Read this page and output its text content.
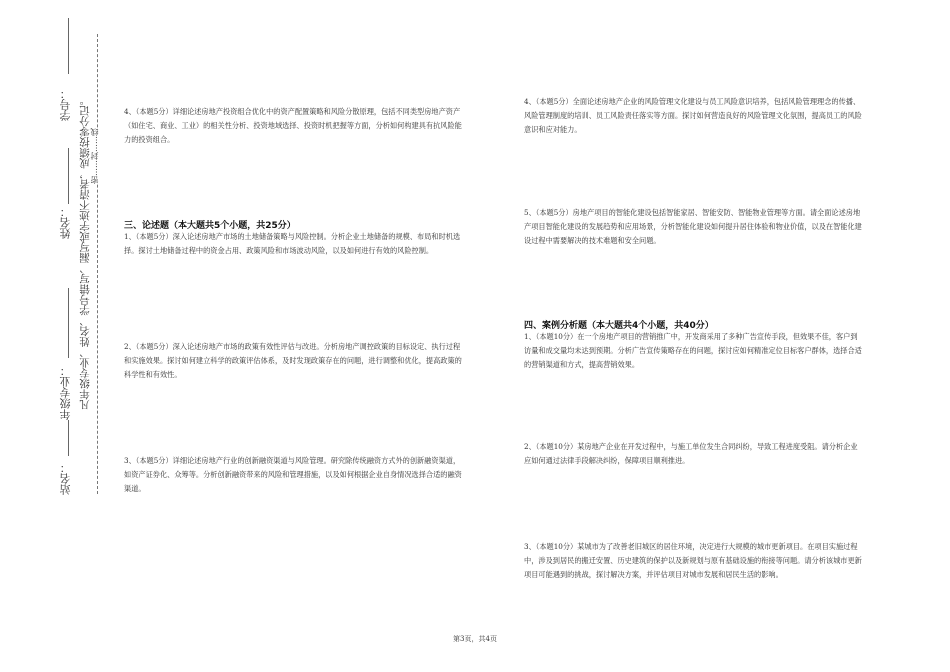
学号：
姓名：
年级专业：
站名：
凡年级专业、姓名、学号错写、漏写或字迹不清者，成绩按零分记。 密……封……线

4、（本题5分）详细论述房地产投资组合优化中的资产配置策略和风险分散原理，包括不同类型房地产资产（如住宅、商业、工业）的相关性分析、投资地域选择、投资时机把握等方面，分析如何构建具有抗风险能力的投资组合。

三、论述题（本大题共5个小题，共25分）

1、（本题5分）深入论述房地产市场的土地储备策略与风险控制。分析企业土地储备的规模、布局和时机选择。探讨土地储备过程中的资金占用、政策风险和市场波动风险，以及如何进行有效的风险控制。

2、（本题5分）深入论述房地产市场的政策有效性评估与改进。分析房地产调控政策的目标设定、执行过程和实施效果。探讨如何建立科学的政策评估体系，及时发现政策存在的问题，进行调整和优化，提高政策的科学性和有效性。

3、（本题5分）详细论述房地产行业的创新融资渠道与风险管理。研究除传统融资方式外的创新融资渠道，如资产证券化、众筹等。分析创新融资带来的风险和管理措施，以及如何根据企业自身情况选择合适的融资渠道。

4、（本题5分）全面论述房地产企业的风险管理文化建设与员工风险意识培养，包括风险管理理念的传播、风险管理制度的培训、员工风险责任落实等方面。探讨如何营造良好的风险管理文化氛围，提高员工的风险意识和应对能力。

5、（本题5分）房地产项目的智能化建设包括智能家居、智能安防、智能物业管理等方面。请全面论述房地产项目智能化建设的发展趋势和应用场景，分析智能化建设如何提升居住体验和物业价值，以及在智能化建设过程中需要解决的技术难题和安全问题。

四、案例分析题（本大题共4个小题，共40分）

1、（本题10分）在一个房地产项目的营销推广中，开发商采用了多种广告宣传手段，但效果不佳，客户到访量和成交量均未达到预期。分析广告宣传策略存在的问题，探讨应如何精准定位目标客户群体，选择合适的营销渠道和方式，提高营销效果。

2、（本题10分）某房地产企业在开发过程中，与施工单位发生合同纠纷，导致工程进度受阻。请分析企业应如何通过法律手段解决纠纷，保障项目顺利推进。

3、（本题10分）某城市为了改善老旧城区的居住环境，决定进行大规模的城市更新项目。在项目实施过程中，涉及到居民的搬迁安置、历史建筑的保护以及新规划与原有基础设施的衔接等问题。请分析该城市更新项目可能遇到的挑战，探讨解决方案，并评估项目对城市发展和居民生活的影响。

第3页，共4页
